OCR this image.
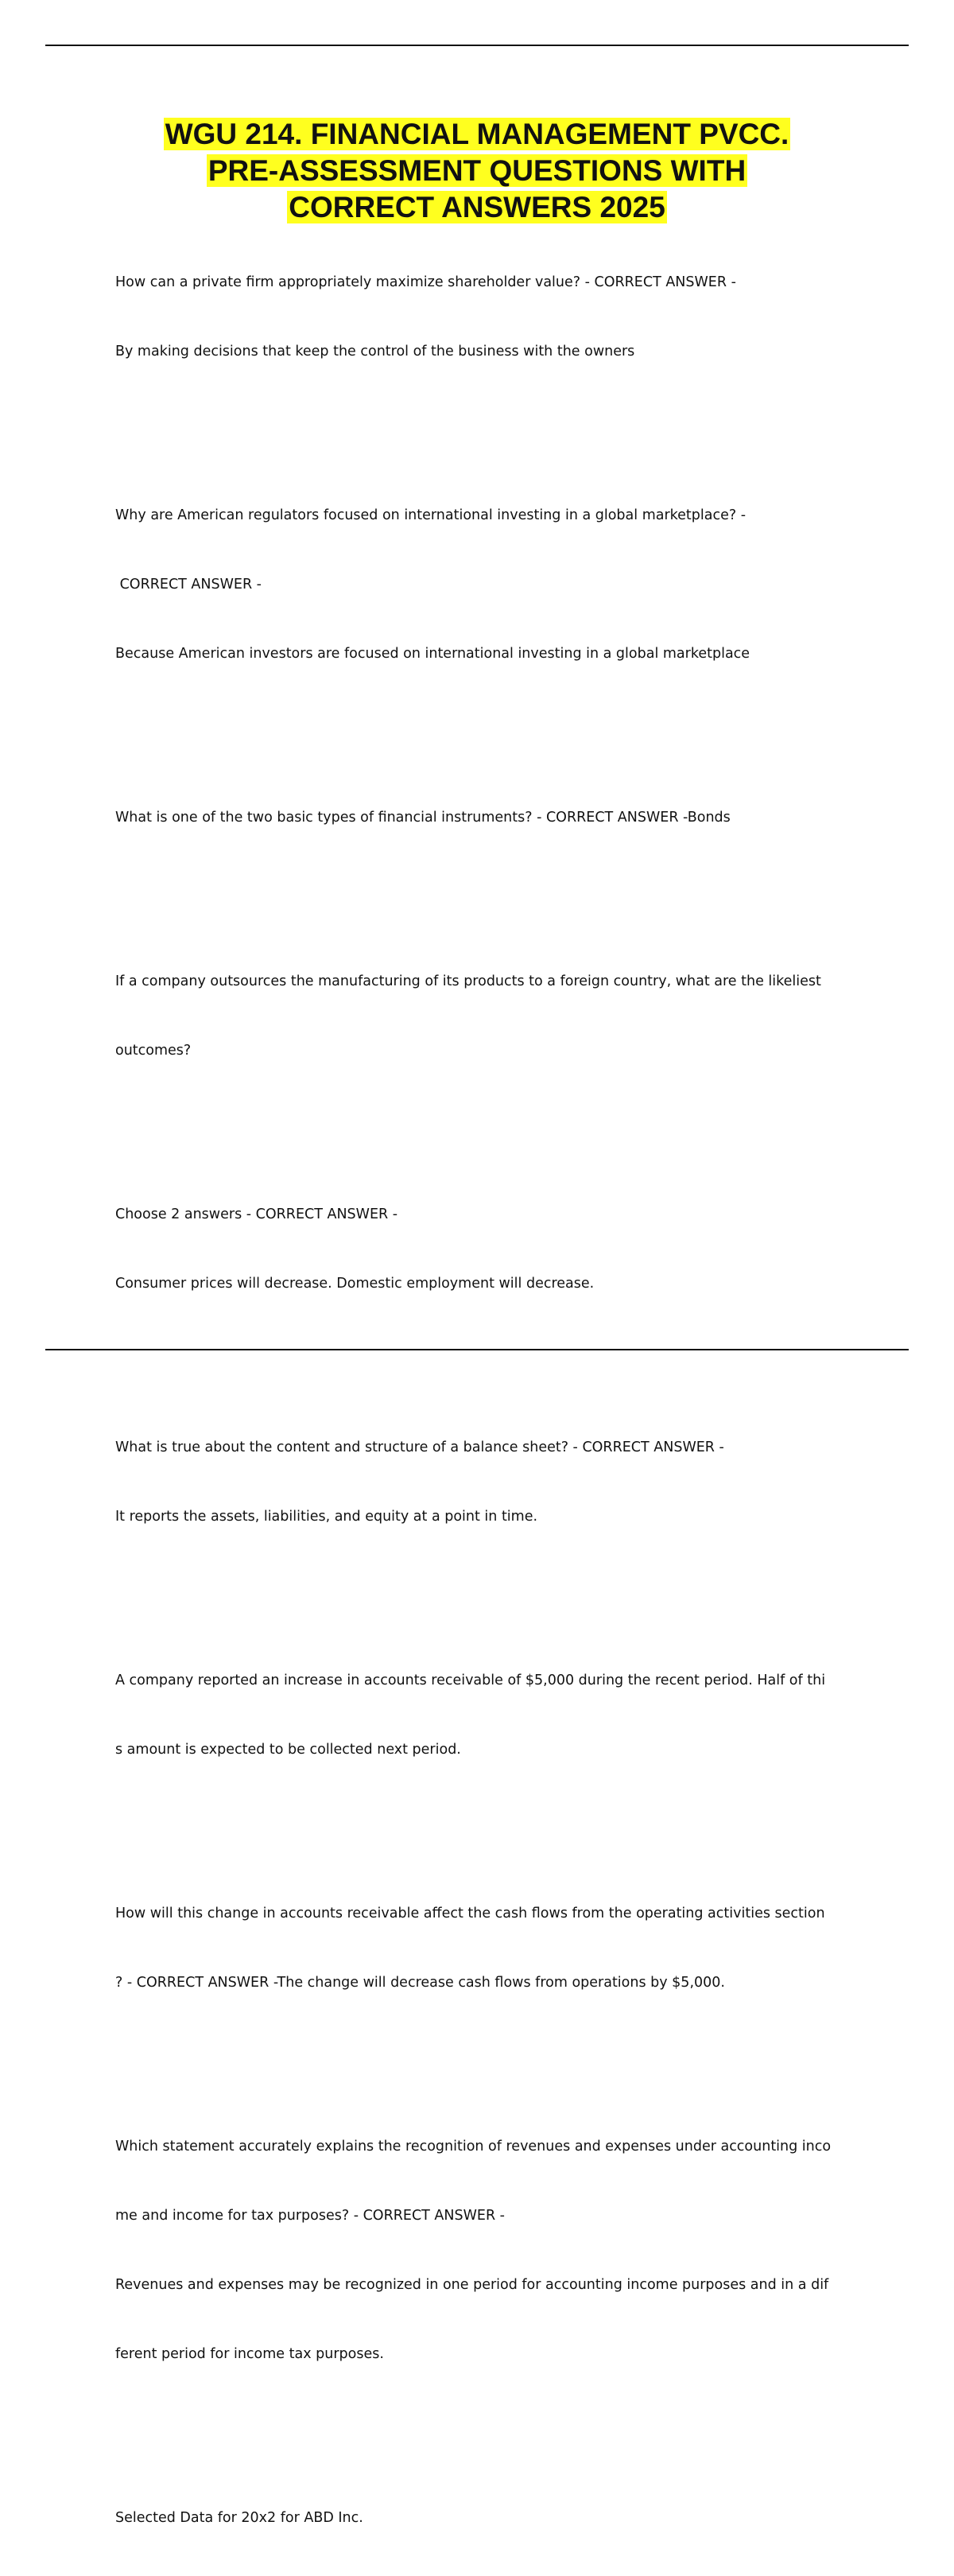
WGU 214. FINANCIAL MANAGEMENT PVCC.
PRE-ASSESSMENT QUESTIONS WITH
CORRECT ANSWERS 2025

How can a private firm appropriately maximize shareholder value? - CORRECT ANSWER -

By making decisions that keep the control of the business with the owners

Why are American regulators focused on international investing in a global marketplace? -

CORRECT ANSWER -

Because American investors are focused on international investing in a global marketplace

What is one of the two basic types of financial instruments? - CORRECT ANSWER -Bonds

If a company outsources the manufacturing of its products to a foreign country, what are the likeliest

outcomes?

Choose 2 answers - CORRECT ANSWER -

Consumer prices will decrease. Domestic employment will decrease.

What is true about the content and structure of a balance sheet? - CORRECT ANSWER -

It reports the assets, liabilities, and equity at a point in time.

A company reported an increase in accounts receivable of $5,000 during the recent period. Half of thi

s amount is expected to be collected next period.

How will this change in accounts receivable affect the cash flows from the operating activities section

? - CORRECT ANSWER -The change will decrease cash flows from operations by $5,000.

Which statement accurately explains the recognition of revenues and expenses under accounting inco

me and income for tax purposes? - CORRECT ANSWER -

Revenues and expenses may be recognized in one period for accounting income purposes and in a dif

ferent period for income tax purposes.

Selected Data for 20x2 for ABD Inc.
